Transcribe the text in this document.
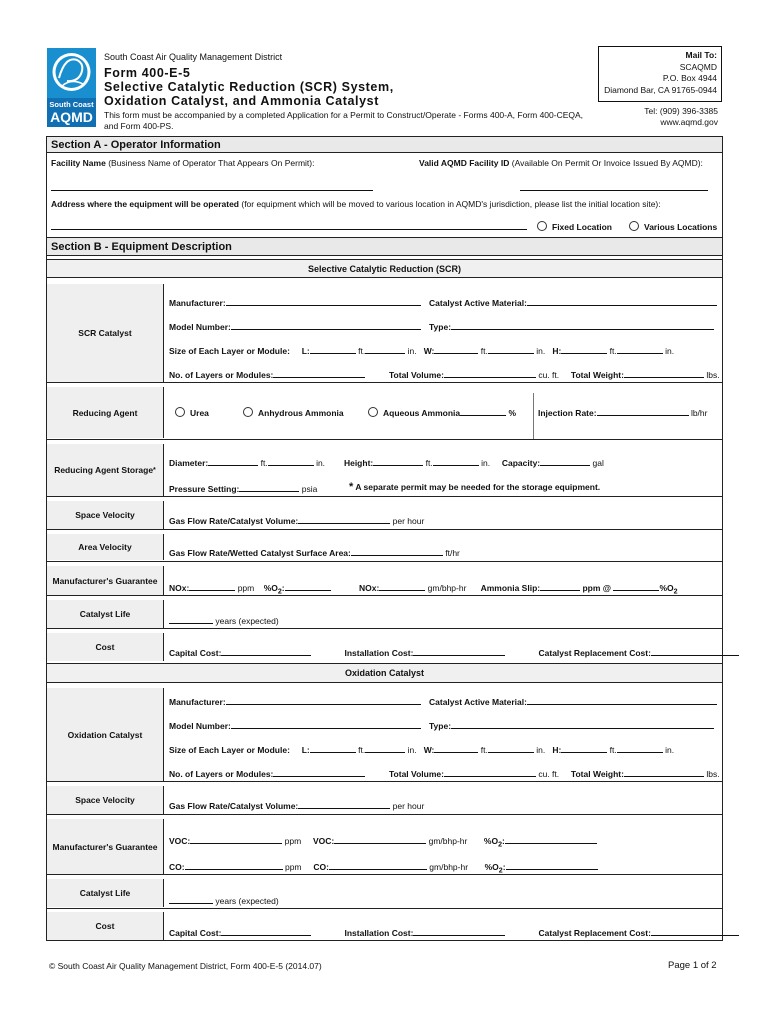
South Coast
AQMD
South Coast Air Quality Management District
Form 400-E-5
Selective Catalytic Reduction (SCR) System,
Oxidation Catalyst, and Ammonia Catalyst
This form must be accompanied by a completed Application for a Permit to Construct/Operate - Forms 400-A, Form 400-CEQA, and Form 400-PS.
Mail To:
SCAQMD
P.O. Box 4944
Diamond Bar, CA 91765-0944
Tel: (909) 396-3385
www.aqmd.gov
Section A - Operator Information
Facility Name (Business Name of Operator That Appears On Permit):	Valid AQMD Facility ID (Available On Permit Or Invoice Issued By AQMD):
Address where the equipment will be operated (for equipment which will be moved to various location in AQMD's jurisdiction, please list the initial location site):
Fixed Location	Various Locations
Section B - Equipment Description
Selective Catalytic Reduction (SCR)
SCR Catalyst
Manufacturer:	Catalyst Active Material:
Model Number:	Type:
Size of Each Layer or Module: L:	ft.	in. W:	ft.	in. H:	ft.	in.
No. of Layers or Modules:	Total Volume:	cu. ft. Total Weight:	lbs.
Reducing Agent	Urea	Anhydrous Ammonia	Aqueous Ammonia	%	Injection Rate:	lb/hr
Reducing Agent Storage *
Diameter:	ft.	in. Height:	ft.	in. Capacity:	gal
Pressure Setting:	psia	* A separate permit may be needed for the storage equipment.
Space Velocity
Gas Flow Rate/Catalyst Volume:	per hour
Area Velocity
Gas Flow Rate/Wetted Catalyst Surface Area:	ft/hr
Manufacturer's Guarantee
NOx:	ppm $\%O_2$:	NOx:	gm/bhp-hr Ammonia Slip:	ppm @	$\%O_2$
Catalyst Life
years (expected)
Cost
Capital Cost:	Installation Cost:	Catalyst Replacement Cost:
Oxidation Catalyst
Oxidation Catalyst
Manufacturer:	Catalyst Active Material:
Model Number:	Type:
Size of Each Layer or Module: L:	ft.	in. W:	ft.	in. H:	ft.	in.
No. of Layers or Modules:	Total Volume:	cu. ft. Total Weight:	lbs.
Space Velocity
Gas Flow Rate/Catalyst Volume:	per hour
Manufacturer's Guarantee
VOC:	ppm VOC:	gm/bhp-hr $\%O_2$:
CO:	ppm CO:	gm/bhp-hr $\%O_2$:
Catalyst Life
years (expected)
Cost
Capital Cost:	Installation Cost:	Catalyst Replacement Cost:
© South Coast Air Quality Management District, Form 400-E-5 (2014.07)	Page 1 of 2
